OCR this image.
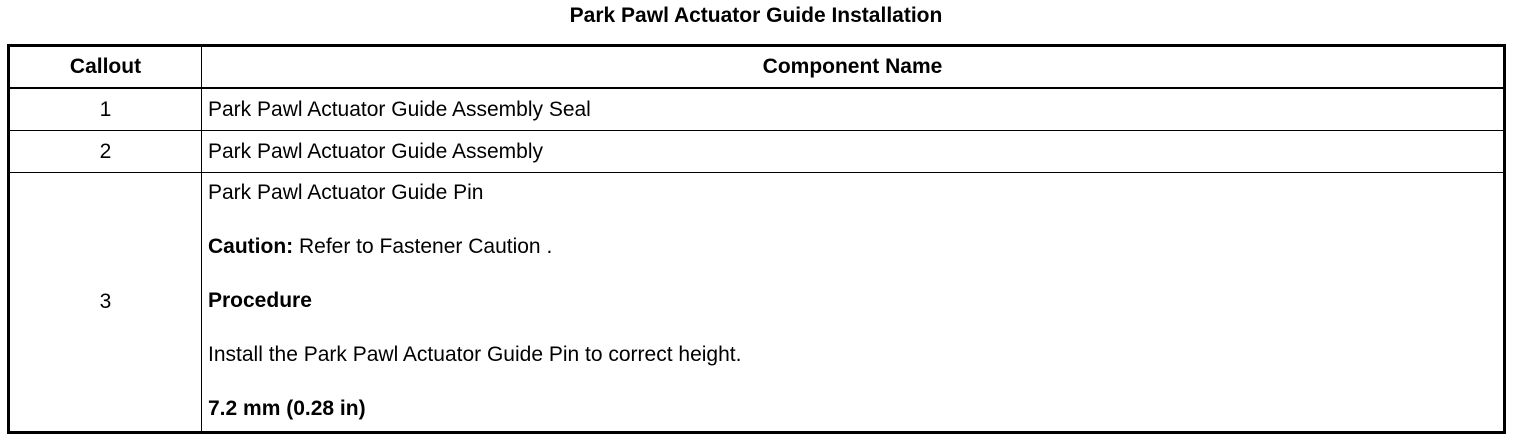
Park Pawl Actuator Guide Installation
Callout	Component Name
1	Park Pawl Actuator Guide Assembly Seal
2	Park Pawl Actuator Guide Assembly
3	Park Pawl Actuator Guide Pin

Caution: Refer to Fastener Caution .

Procedure

Install the Park Pawl Actuator Guide Pin to correct height.

7.2 mm (0.28 in)
